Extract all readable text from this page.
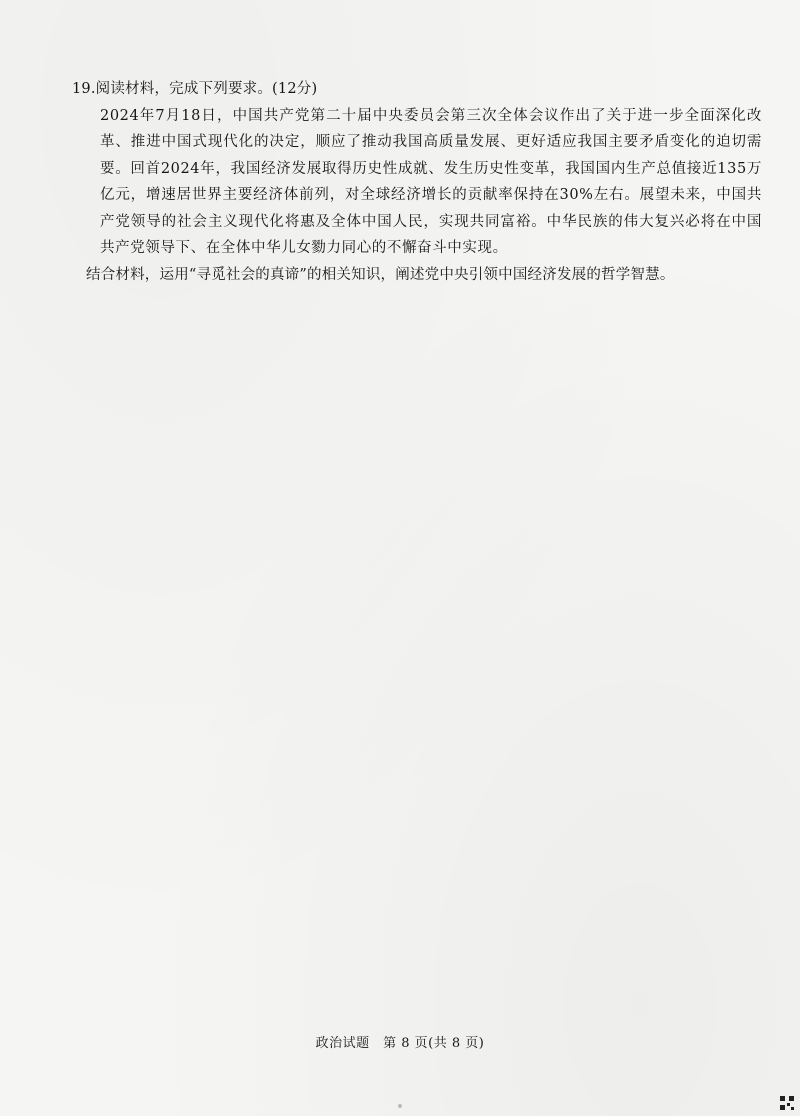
19.阅读材料，完成下列要求。(12分)

2024年7月18日，中国共产党第二十届中央委员会第三次全体会议作出了关于进一步全面深化改革、推进中国式现代化的决定，顺应了推动我国高质量发展、更好适应我国主要矛盾变化的迫切需要。回首2024年，我国经济发展取得历史性成就、发生历史性变革，我国国内生产总值接近135万亿元，增速居世界主要经济体前列，对全球经济增长的贡献率保持在30%左右。展望未来，中国共产党领导的社会主义现代化将惠及全体中国人民，实现共同富裕。中华民族的伟大复兴必将在中国共产党领导下、在全体中华儿女勠力同心的不懈奋斗中实现。

结合材料，运用“寻觅社会的真谛”的相关知识，阐述党中央引领中国经济发展的哲学智慧。

政治试题　第 8 页(共 8 页)
